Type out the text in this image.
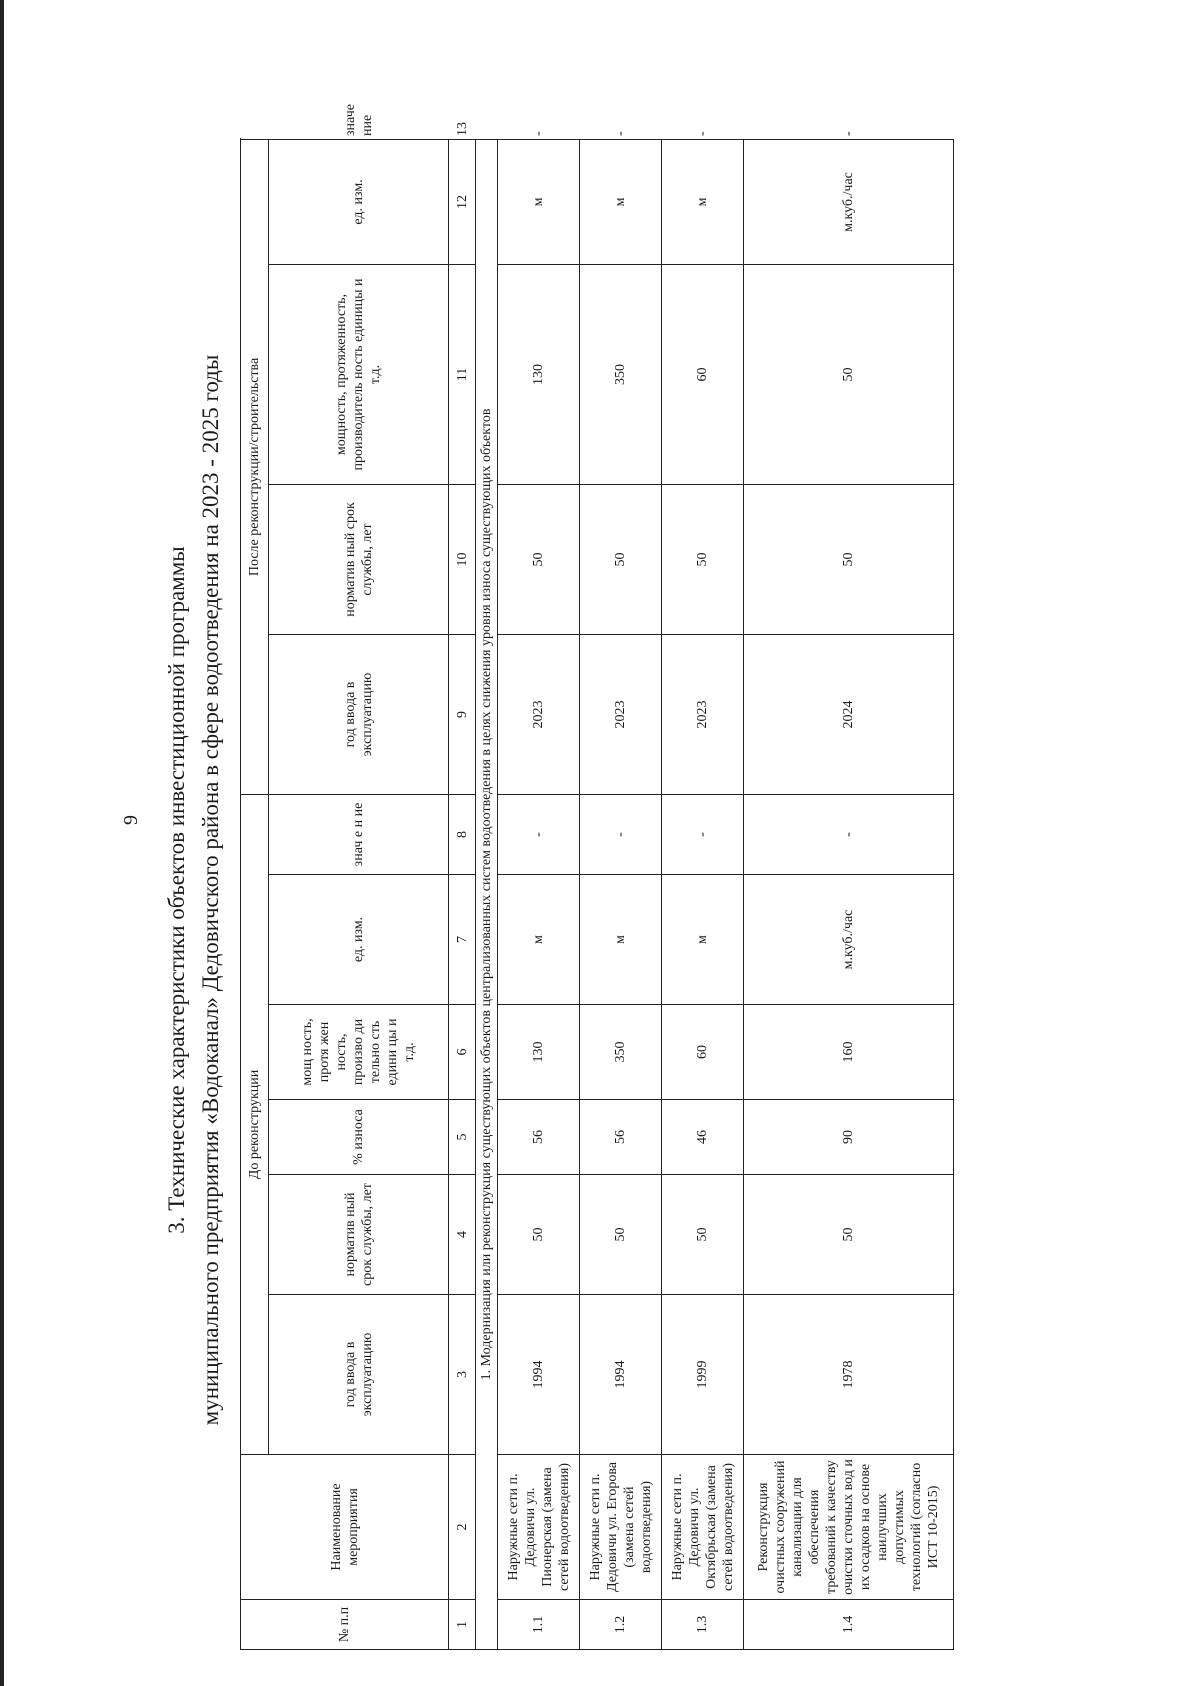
9 3. Технические характеристики объектов инвестиционной программы муниципального предприятия «Водоканал» Дедовичского района в сфере водоотведения на 2023 - 2025 годы
№ п.п	Наименование мероприятия	До реконструкции						После реконструкции/строительства				
		год ввода в эксплуатацию	норматив ный срок службы, лет	% износа	мощ ность, протя жен ность, произво ди тельно сть едини цы и т.д.	ед. изм.	знач е н ие	год ввода в эксплуатацию	норматив ный срок службы, лет	мощность, протяженность, производитель ность единицы и т.д.	ед. изм.	значе ние
1	2	3	4	5	6	7	8	9	10	11	12	13
1. Модернизация или реконструкция существующих объектов централизованных систем водоотведения в целях снижения уровня износа существующих объектов												
1.1	Наружные сети п. Дедовичи ул. Пионерская (замена сетей водоотведения)	1994	50	56	130	м	-	2023	50	130	м	-
1.2	Наружные сети п. Дедовичи ул. Егорова (замена сетей водоотведения)	1994	50	56	350	м	-	2023	50	350	м	-
1.3	Наружные сети п. Дедовичи ул. Октябрьская (замена сетей водоотведения)	1999	50	46	60	м	-	2023	50	60	м	-
1.4	Реконструкция очистных сооружений канализации для обеспечения требований к качеству очистки сточных вод и их осадков на основе наилучших допустимых технологий (согласно ИСТ 10-2015)	1978	50	90	160	м.куб./час	-	2024	50	50	м.куб./час	-
